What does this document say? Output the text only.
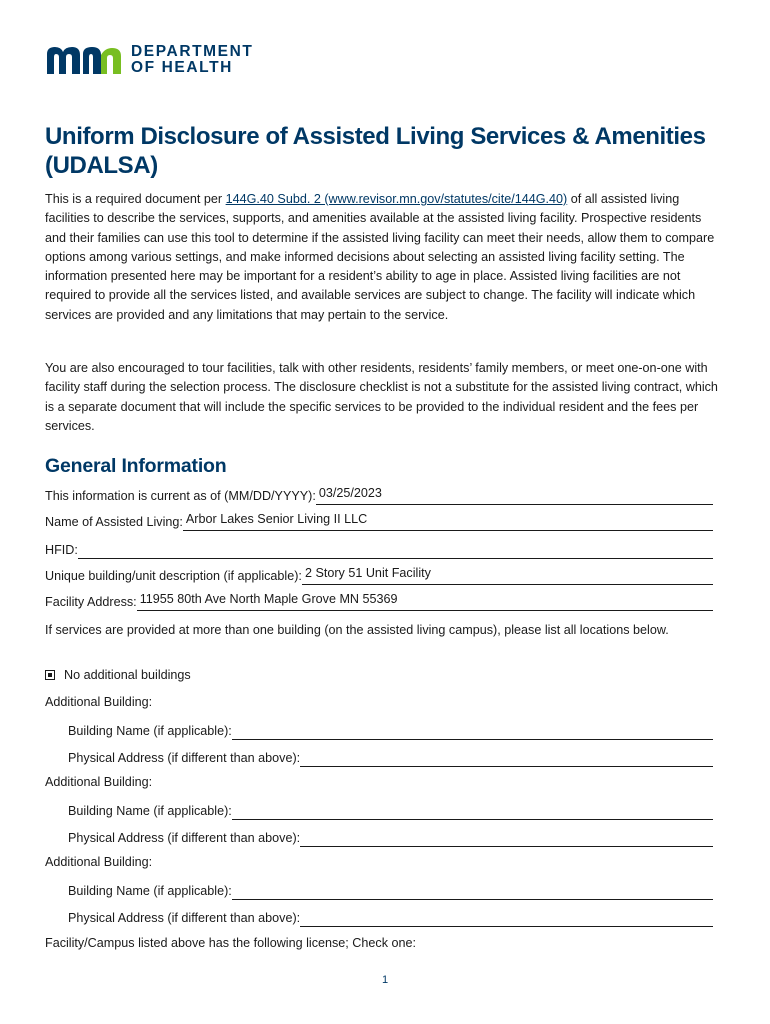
DEPARTMENT
OF HEALTH
Uniform Disclosure of Assisted Living Services & Amenities (UDALSA)

This is a required document per 144G.40 Subd. 2 (www.revisor.mn.gov/statutes/cite/144G.40) of all assisted living facilities to describe the services, supports, and amenities available at the assisted living facility. Prospective residents and their families can use this tool to determine if the assisted living facility can meet their needs, allow them to compare options among various settings, and make informed decisions about selecting an assisted living facility setting. The information presented here may be important for a resident’s ability to age in place. Assisted living facilities are not required to provide all the services listed, and available services are subject to change. The facility will indicate which services are provided and any limitations that may pertain to the service.

You are also encouraged to tour facilities, talk with other residents, residents’ family members, or meet one-on-one with facility staff during the selection process. The disclosure checklist is not a substitute for the assisted living contract, which is a separate document that will include the specific services to be provided to the individual resident and the fees per services.

General Information
This information is current as of (MM/DD/YYYY): 03/25/2023
Name of Assisted Living: Arbor Lakes Senior Living II LLC
HFID:
Unique building/unit description (if applicable): 2 Story 51 Unit Facility
Facility Address: 11955 80th Ave North Maple Grove MN 55369

If services are provided at more than one building (on the assisted living campus), please list all locations below.

No additional buildings
Additional Building:
Building Name (if applicable):
Physical Address (if different than above):
Additional Building:
Building Name (if applicable):
Physical Address (if different than above):
Additional Building:
Building Name (if applicable):
Physical Address (if different than above):
Facility/Campus listed above has the following license; Check one:
1
